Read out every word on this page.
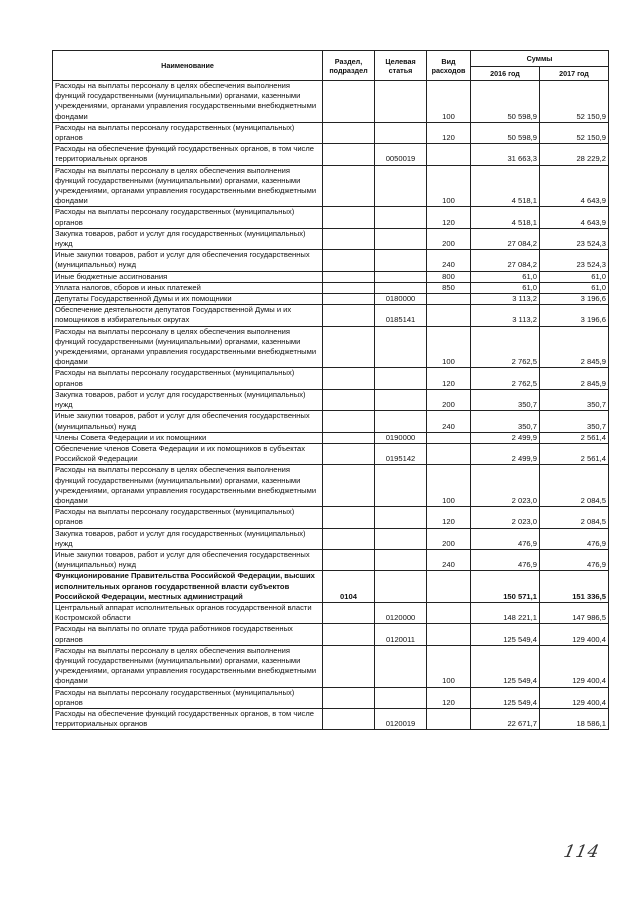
Наименование	Раздел, подраздел	Целевая статья	Вид расходов	Суммы	
				2016 год	2017 год
Расходы на выплаты персоналу в целях обеспечения выполнения функций государственными (муниципальными) органами, казенными учреждениями, органами управления государственными внебюджетными фондами			100	50 598,9	52 150,9
Расходы на выплаты персоналу государственных (муниципальных) органов			120	50 598,9	52 150,9
Расходы на обеспечение функций государственных органов, в том числе территориальных органов		0050019		31 663,3	28 229,2
Расходы на выплаты персоналу в целях обеспечения выполнения функций государственными (муниципальными) органами, казенными учреждениями, органами управления государственными внебюджетными фондами			100	4 518,1	4 643,9
Расходы на выплаты персоналу государственных (муниципальных) органов			120	4 518,1	4 643,9
Закупка товаров, работ и услуг для государственных (муниципальных) нужд			200	27 084,2	23 524,3
Иные закупки товаров, работ и услуг для обеспечения государственных (муниципальных) нужд			240	27 084,2	23 524,3
Иные бюджетные ассигнования			800	61,0	61,0
Уплата налогов, сборов и иных платежей			850	61,0	61,0
Депутаты Государственной Думы и их помощники		0180000		3 113,2	3 196,6
Обеспечение деятельности депутатов Государственной Думы и их помощников в избирательных округах		0185141		3 113,2	3 196,6
Расходы на выплаты персоналу в целях обеспечения выполнения функций государственными (муниципальными) органами, казенными учреждениями, органами управления государственными внебюджетными фондами			100	2 762,5	2 845,9
Расходы на выплаты персоналу государственных (муниципальных) органов			120	2 762,5	2 845,9
Закупка товаров, работ и услуг для государственных (муниципальных) нужд			200	350,7	350,7
Иные закупки товаров, работ и услуг для обеспечения государственных (муниципальных) нужд			240	350,7	350,7
Члены Совета Федерации и их помощники		0190000		2 499,9	2 561,4
Обеспечение членов Совета Федерации и их помощников в субъектах Российской Федерации		0195142		2 499,9	2 561,4
Расходы на выплаты персоналу в целях обеспечения выполнения функций государственными (муниципальными) органами, казенными учреждениями, органами управления государственными внебюджетными фондами			100	2 023,0	2 084,5
Расходы на выплаты персоналу государственных (муниципальных) органов			120	2 023,0	2 084,5
Закупка товаров, работ и услуг для государственных (муниципальных) нужд			200	476,9	476,9
Иные закупки товаров, работ и услуг для обеспечения государственных (муниципальных) нужд			240	476,9	476,9
Функционирование Правительства Российской Федерации, высших исполнительных органов государственной власти субъектов Российской Федерации, местных администраций	0104			150 571,1	151 336,5
Центральный аппарат исполнительных органов государственной власти Костромской области		0120000		148 221,1	147 986,5
Расходы на выплаты по оплате труда работников государственных органов		0120011		125 549,4	129 400,4
Расходы на выплаты персоналу в целях обеспечения выполнения функций государственными (муниципальными) органами, казенными учреждениями, органами управления государственными внебюджетными фондами			100	125 549,4	129 400,4
Расходы на выплаты персоналу государственных (муниципальных) органов			120	125 549,4	129 400,4
Расходы на обеспечение функций государственных органов, в том числе территориальных органов		0120019		22 671,7	18 586,1
114
